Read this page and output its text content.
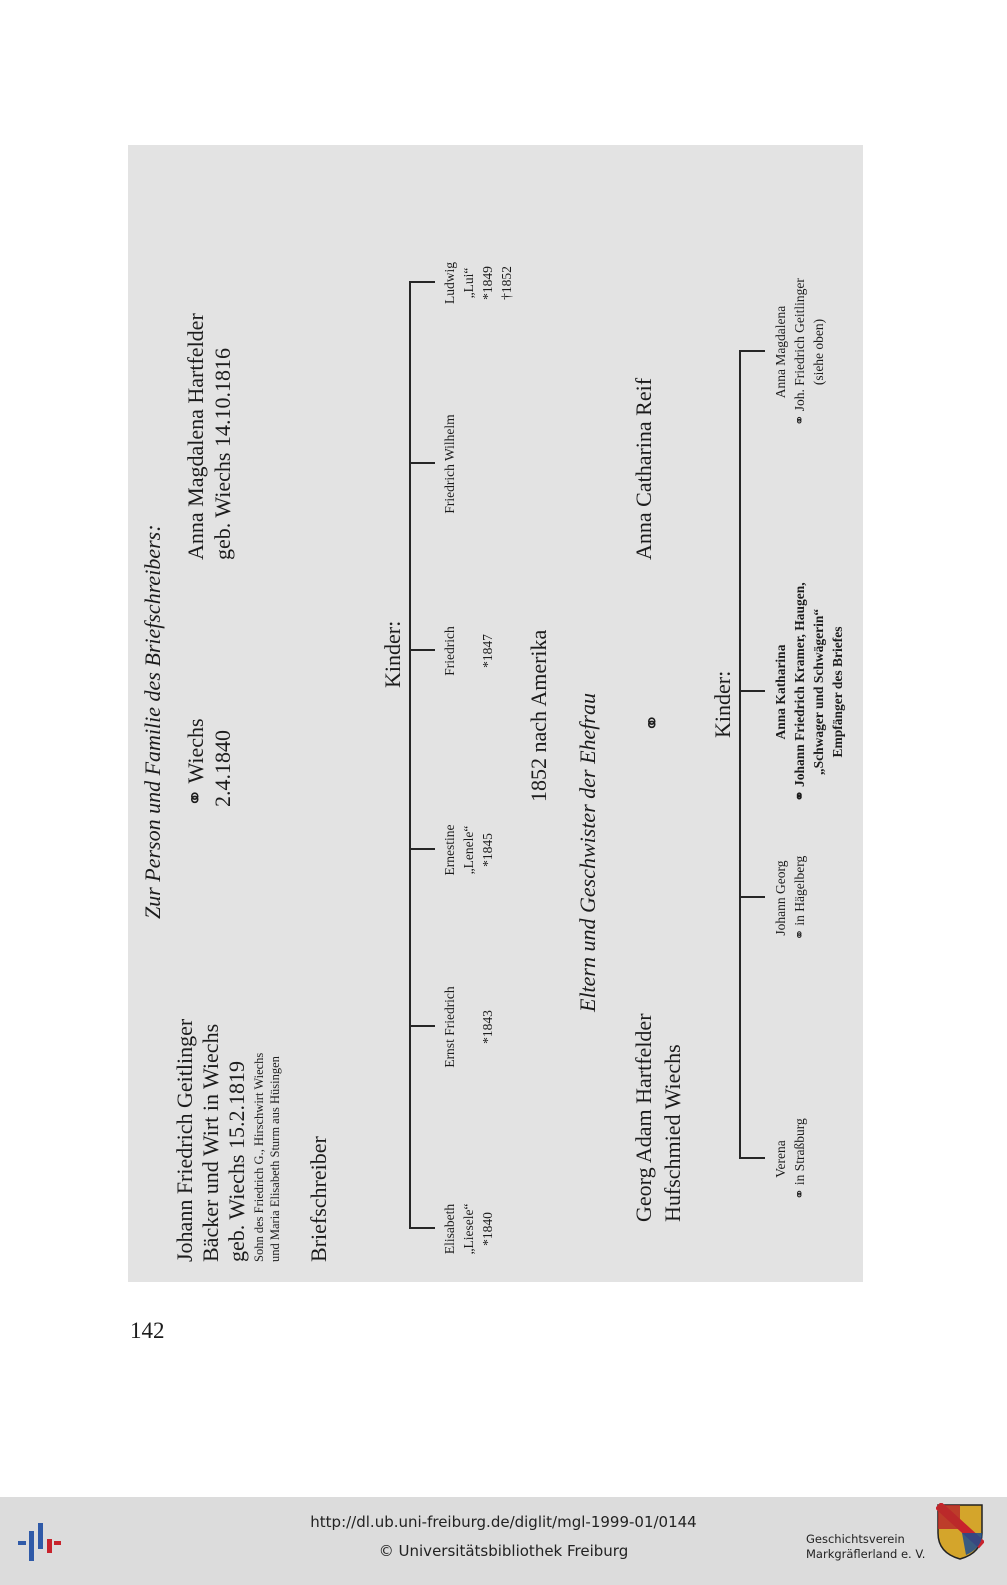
Zur Person und Familie des Briefschreibers:
Johann Friedrich Geitlinger Bäcker und Wirt in Wiechs geb. Wiechs 15.2.1819 Sohn des Friedrich G., Hirschwirt Wiechs und Maria Elisabeth Sturm aus Hüsingen Briefschreiber
⚭ Wiechs 2.4.1840
Anna Magdalena Hartfelder geb. Wiechs 14.10.1816
Kinder:
Elisabeth „Liesele“ *1840
Ernst Friedrich *1843
Ernestine „Lenele“ *1845
Friedrich *1847
Friedrich Wilhelm
Ludwig „Lui“ *1849 †1852
1852 nach Amerika Eltern und Geschwister der Ehefrau
Georg Adam Hartfelder Hufschmied Wiechs
⚭
Anna Catharina Reif
Kinder:
Verena ⚭ in Straßburg
Johann Georg ⚭ in Hägelberg
Anna Katharina ⚭ Johann Friedrich Kramer, Haugen, „Schwager und Schwägerin“ Empfänger des Briefes
Anna Magdalena ⚭ Joh. Friedrich Geitlinger (siehe oben)
142
http://dl.ub.uni-freiburg.de/diglit/mgl-1999-01/0144
© Universitätsbibliothek Freiburg
Geschichtsverein
Markgräflerland e. V.
